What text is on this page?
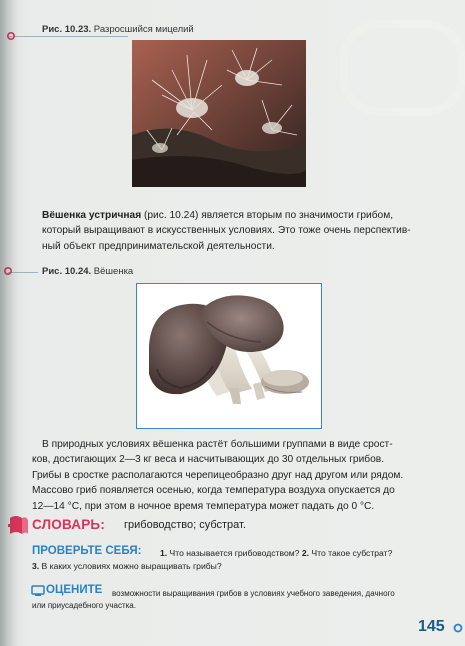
Рис. 10.23. Разросшийся мицелий
Вёшенка устричная (рис. 10.24) является вторым по значимости грибом,
который выращивают в искусственных условиях. Это тоже очень перспектив-
ный объект предпринимательской деятельности.
Рис. 10.24. Вёшенка
В природных условиях вёшенка растёт большими группами в виде срост-
ков, достигающих 2—3 кг веса и насчитывающих до 30 отдельных грибов.
Грибы в сростке располагаются черепицеобразно друг над другом или рядом.
Массово гриб появляется осенью, когда температура воздуха опускается до
12—14 °C, при этом в ночное время температура может падать до 0 °C.
СЛОВАРЬ: грибоводство; субстрат.
ПРОВЕРЬТЕ СЕБЯ: 1. Что называется грибоводством? 2. Что такое субстрат?
3. В каких условиях можно выращивать грибы?
ОЦЕНИТЕ возможности выращивания грибов в условиях учебного заведения, дачного
или приусадебного участка.
145
